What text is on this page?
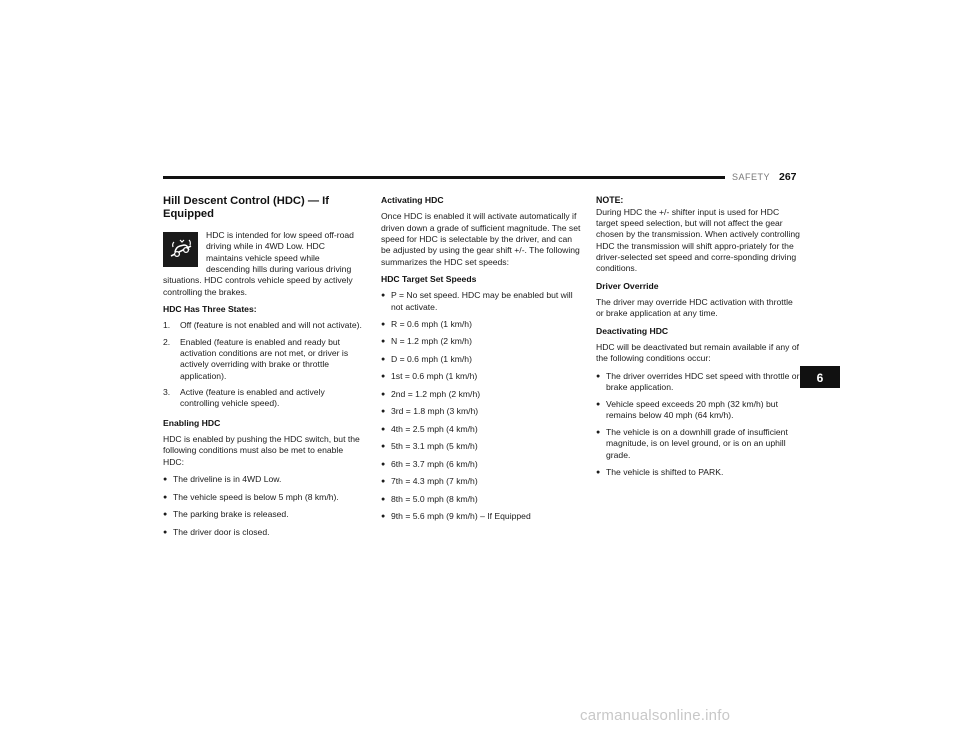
SAFETY 267
6
Hill Descent Control (HDC) — If Equipped

HDC is intended for low speed off-road driving while in 4WD Low. HDC maintains vehicle speed while descending hills during various driving situations. HDC controls vehicle speed by actively controlling the brakes.

HDC Has Three States:
1.	Off (feature is not enabled and will not activate).
2.	Enabled (feature is enabled and ready but activation conditions are not met, or driver is actively overriding with brake or throttle application).
3.	Active (feature is enabled and actively controlling vehicle speed).
Enabling HDC

HDC is enabled by pushing the HDC switch, but the following conditions must also be met to enable HDC:

● The driveline is in 4WD Low.
● The vehicle speed is below 5 mph (8 km/h).
● The parking brake is released.
● The driver door is closed.
Activating HDC

Once HDC is enabled it will activate automatically if driven down a grade of sufficient magnitude. The set speed for HDC is selectable by the driver, and can be adjusted by using the gear shift +/-. The following summarizes the HDC set speeds:

HDC Target Set Speeds
● P = No set speed. HDC may be enabled but will not activate.
● R = 0.6 mph (1 km/h)
● N = 1.2 mph (2 km/h)
● D = 0.6 mph (1 km/h)
● 1st = 0.6 mph (1 km/h)
● 2nd = 1.2 mph (2 km/h)
● 3rd = 1.8 mph (3 km/h)
● 4th = 2.5 mph (4 km/h)
● 5th = 3.1 mph (5 km/h)
● 6th = 3.7 mph (6 km/h)
● 7th = 4.3 mph (7 km/h)
● 8th = 5.0 mph (8 km/h)
● 9th = 5.6 mph (9 km/h) – If Equipped
NOTE:

During HDC the +/- shifter input is used for HDC target speed selection, but will not affect the gear chosen by the transmission. When actively controlling HDC the transmission will shift appro-priately for the driver-selected set speed and corre-sponding driving conditions.

Driver Override

The driver may override HDC activation with throttle or brake application at any time.

Deactivating HDC

HDC will be deactivated but remain available if any of the following conditions occur:

● The driver overrides HDC set speed with throttle or brake application.
● Vehicle speed exceeds 20 mph (32 km/h) but remains below 40 mph (64 km/h).
● The vehicle is on a downhill grade of insufficient magnitude, is on level ground, or is on an uphill grade.
● The vehicle is shifted to PARK.
carmanualsonline.info
